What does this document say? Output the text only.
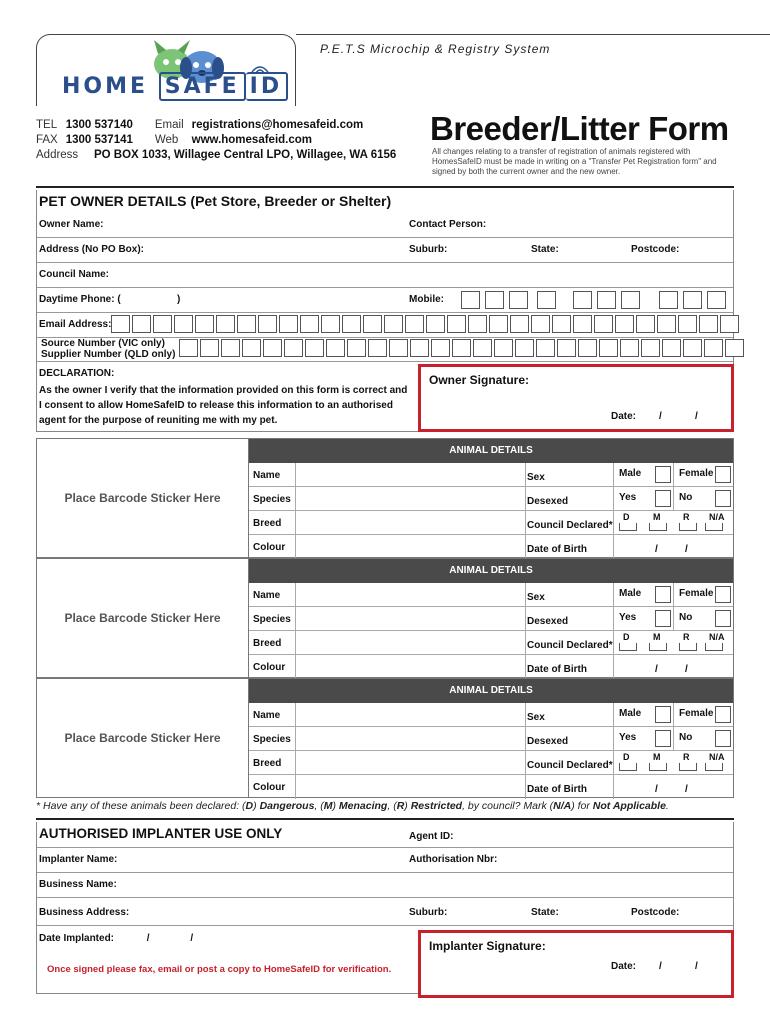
P.E.T.S Microchip & Registry System
HOME SAFE ID
TEL	1300 537140	Email	registrations@homesafeid.com
FAX	1300 537141	Web	www.homesafeid.com
Address PO BOX 1033, Willagee Central LPO, Willagee, WA 6156
Breeder/Litter Form
All changes relating to a transfer of registration of animals registered with HomesSafeID must be made in writing on a "Transfer Pet Registration form" and signed by both the current owner and the new owner.
PET OWNER DETAILS (Pet Store, Breeder or Shelter)
Owner Name:	Contact Person:
Address (No PO Box):	Suburb:	State:	Postcode:
Council Name:
Daytime Phone: (	)	Mobile:
Email Address:
Source Number (VIC only)
Supplier Number (QLD only)
DECLARATION:
As the owner I verify that the information provided on this form is correct and I consent to allow HomeSafeID to release this information to an authorised agent for the purpose of reuniting me with my pet.
Owner Signature:
Date: /	/
Place Barcode Sticker Here
ANIMAL DETAILS
Name	Sex	Male	Female
Species	Desexed	Yes	No
Breed	Council Declared*
D	M	R N/A
Colour	Date of Birth	/	/
Place Barcode Sticker Here
ANIMAL DETAILS
Name	Sex	Male	Female
Species	Desexed	Yes	No
Breed	Council Declared*
D	M	R N/A
Colour	Date of Birth	/	/
Place Barcode Sticker Here
ANIMAL DETAILS
Name	Sex	Male	Female
Species	Desexed	Yes	No
Breed	Council Declared*
D	M	R N/A
Colour	Date of Birth	/	/
* Have any of these animals been declared: (D) Dangerous, (M) Menacing, (R) Restricted, by council? Mark (N/A) for Not Applicable.
AUTHORISED IMPLANTER USE ONLY	Agent ID:
Implanter Name:	Authorisation Nbr:
Business Name:
Business Address:	Suburb:	State:	Postcode:
Date Implanted:	/	/
Once signed please fax, email or post a copy to HomeSafeID for verification.
Implanter Signature:
Date: /	/
